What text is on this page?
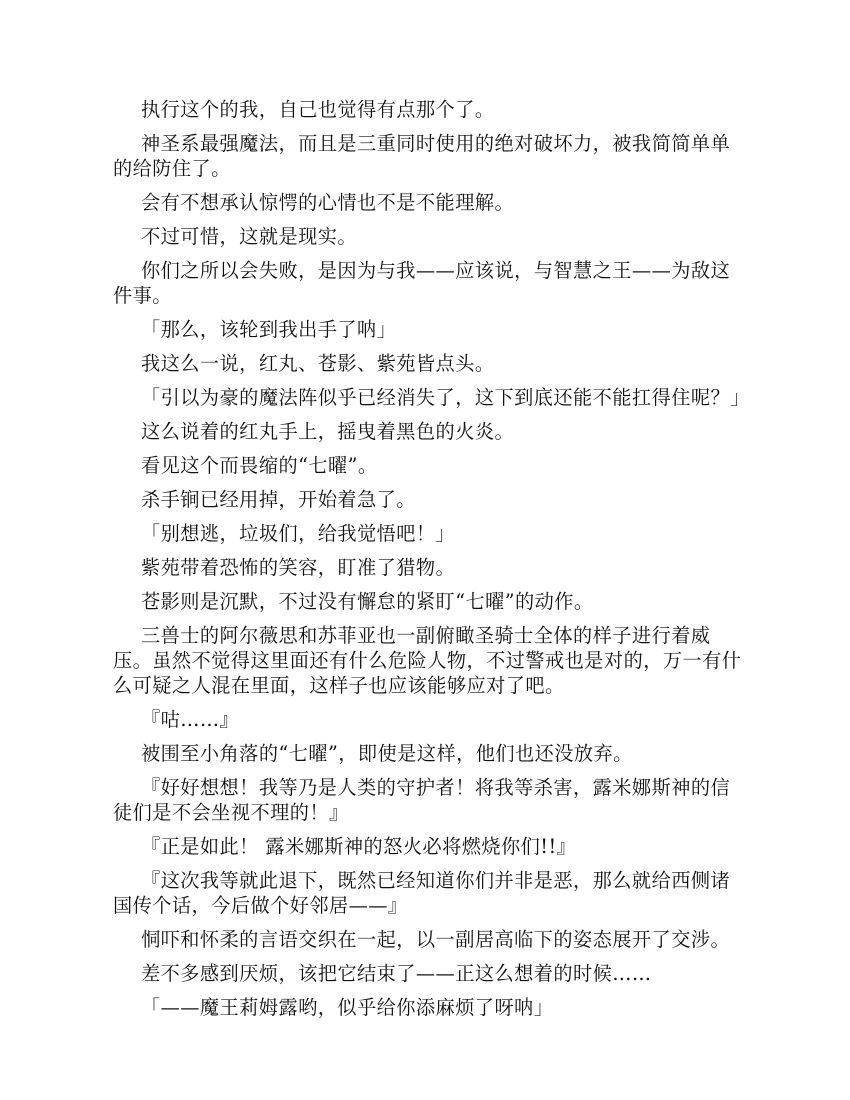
执行这个的我，自己也觉得有点那个了。

神圣系最强魔法，而且是三重同时使用的绝对破坏力，被我简简单单的给防住了。

会有不想承认惊愕的心情也不是不能理解。

不过可惜，这就是现实。

你们之所以会失败，是因为与我——应该说，与智慧之王——为敌这件事。

「那么，该轮到我出手了呐」

我这么一说，红丸、苍影、紫苑皆点头。

「引以为豪的魔法阵似乎已经消失了，这下到底还能不能扛得住呢？」

这么说着的红丸手上，摇曳着黑色的火炎。

看见这个而畏缩的“七曜”。

杀手锏已经用掉，开始着急了。

「别想逃，垃圾们，给我觉悟吧！」

紫苑带着恐怖的笑容，盯准了猎物。

苍影则是沉默，不过没有懈怠的紧盯“七曜”的动作。

三兽士的阿尔薇思和苏菲亚也一副俯瞰圣骑士全体的样子进行着威压。虽然不觉得这里面还有什么危险人物，不过警戒也是对的，万一有什么可疑之人混在里面，这样子也应该能够应对了吧。

『咕……』

被围至小角落的“七曜”，即使是这样，他们也还没放弃。

『好好想想！我等乃是人类的守护者！将我等杀害，露米娜斯神的信徒们是不会坐视不理的！』

『正是如此！ 露米娜斯神的怒火必将燃烧你们!!』

『这次我等就此退下，既然已经知道你们并非是恶，那么就给西侧诸国传个话，今后做个好邻居——』

恫吓和怀柔的言语交织在一起，以一副居高临下的姿态展开了交涉。

差不多感到厌烦，该把它结束了——正这么想着的时候……

「——魔王莉姆露哟，似乎给你添麻烦了呀呐」
